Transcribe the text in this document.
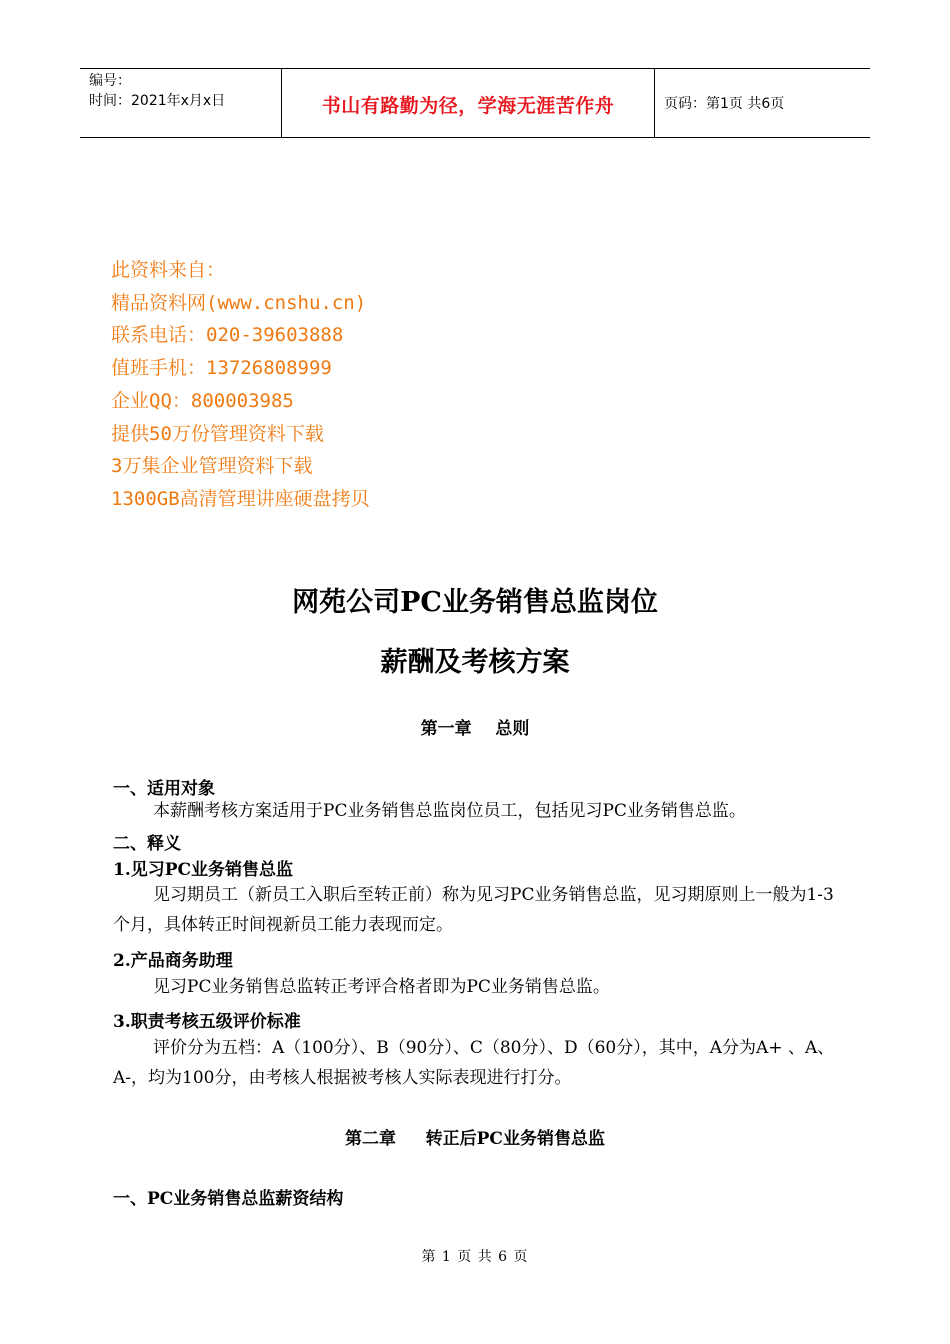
编号：
时间：2021年x月x日	书山有路勤为径，学海无涯苦作舟	页码：第1页 共6页
此资料来自：
精品资料网(www.cnshu.cn)
联系电话：020-39603888
值班手机：13726808999
企业QQ：800003985
提供50万份管理资料下载
3万集企业管理资料下载
1300GB高清管理讲座硬盘拷贝
网苑公司PC业务销售总监岗位
薪酬及考核方案
第一章    总则
一、适用对象
本薪酬考核方案适用于PC业务销售总监岗位员工，包括见习PC业务销售总监。
二、释义
1.见习PC业务销售总监
见习期员工（新员工入职后至转正前）称为见习PC业务销售总监，见习期原则上一般为1-3个月，具体转正时间视新员工能力表现而定。
2.产品商务助理
见习PC业务销售总监转正考评合格者即为PC业务销售总监。
3.职责考核五级评价标准
评价分为五档：A（100分）、B（90分）、C（80分）、D（60分），其中，A分为A+ 、A、 A-，均为100分，由考核人根据被考核人实际表现进行打分。
第二章     转正后PC业务销售总监
一、PC业务销售总监薪资结构
第 1 页 共 6 页
